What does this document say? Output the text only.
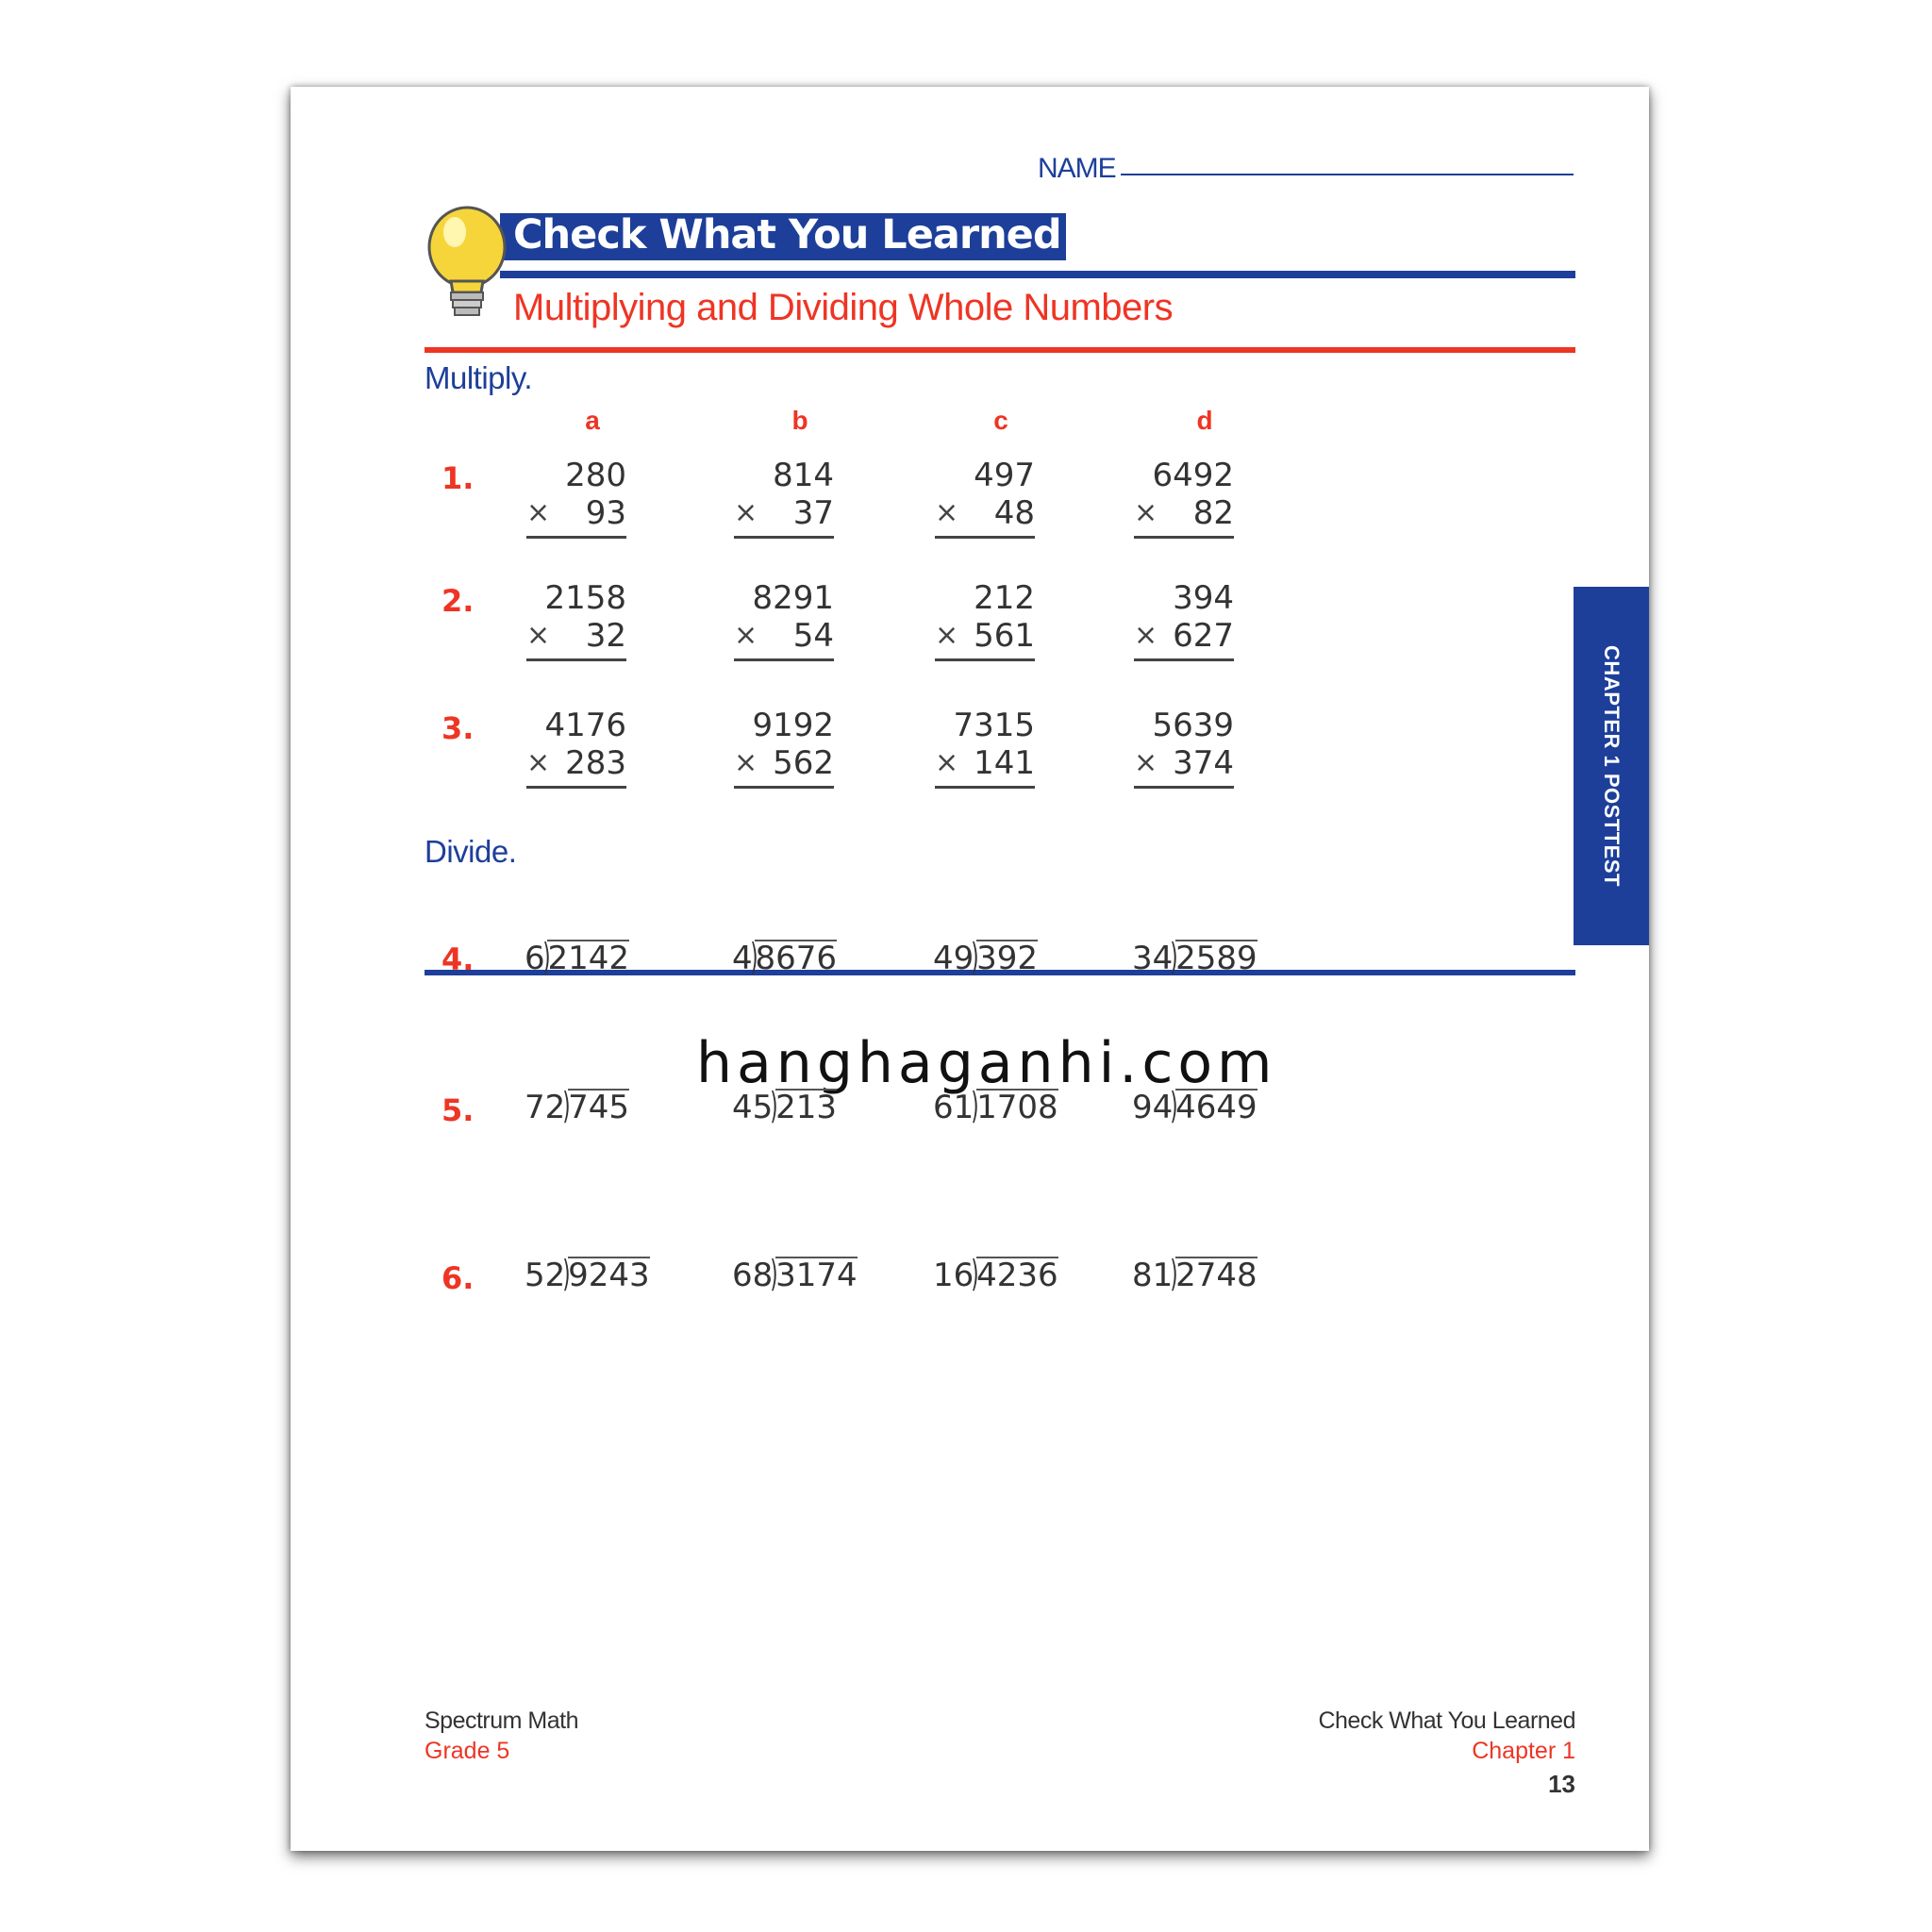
NAME
Check What You Learned
Multiplying and Dividing Whole Numbers
Multiply.
a	b	c	d
1.	280
× 93
814
× 37
497
× 48
6492
× 82
2.	2158
× 32
8291
× 54
212
× 561
394
× 627
3.	4176
× 283
9192
× 562
7315
× 141
5639
× 374
Divide.
hanghaganhi.com
4. 6)2142	4)8676	49)392	34)2589
5. 72)745	45)213	61)1708 94)4649
6. 52)9243	68)3174 16)4236 81)2748
CHAPTER 1 POSTTEST
Spectrum Math
Grade 5
Check What You Learned
Chapter 1
13
